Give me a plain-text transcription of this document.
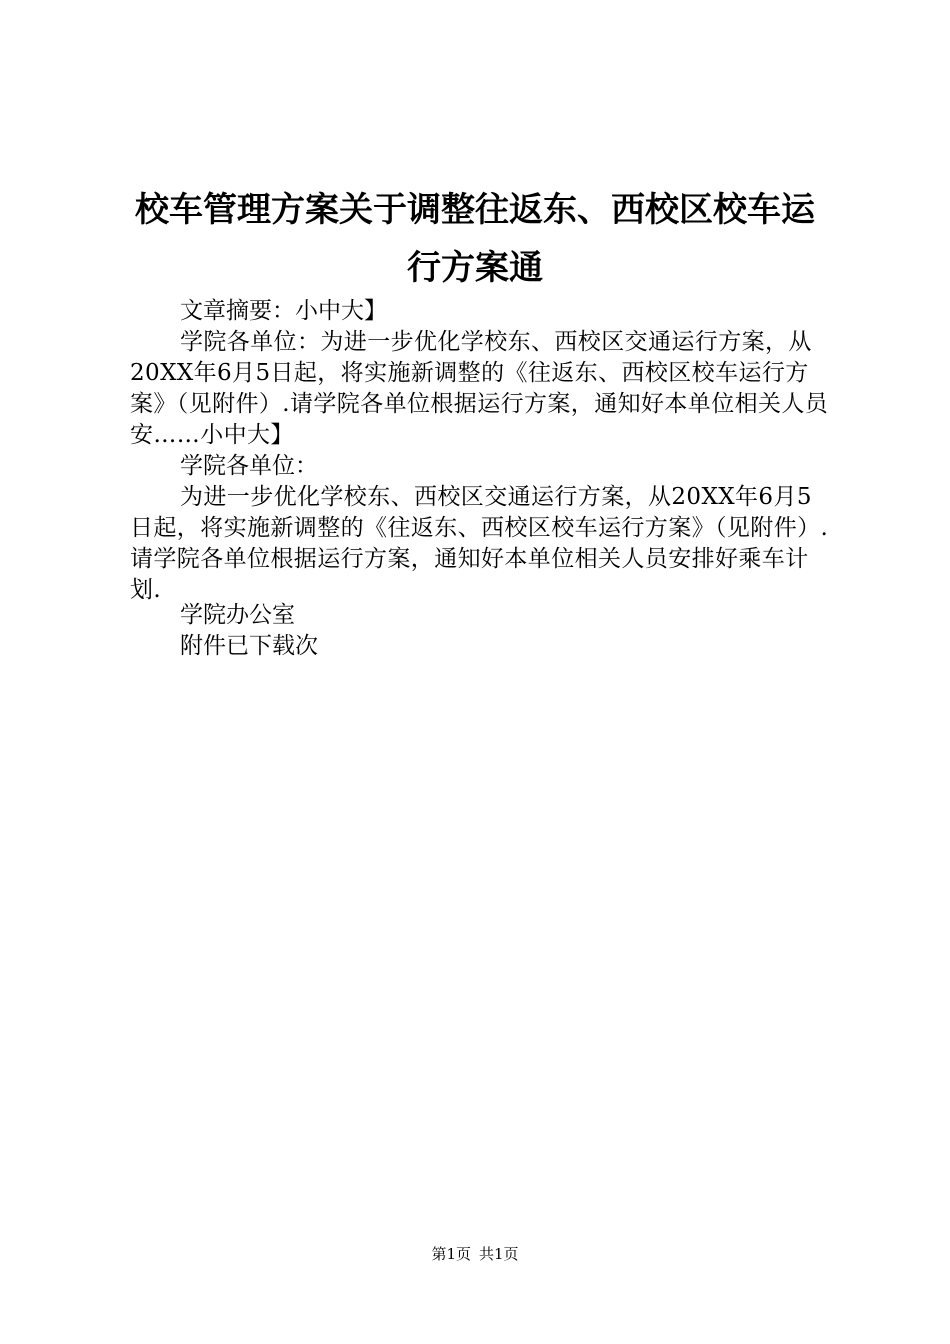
校车管理方案关于调整往返东、西校区校车运
行方案通

文章摘要：小中大】

学院各单位：为进一步优化学校东、西校区交通运行方案，从20XX年6月5日起，将实施新调整的《往返东、西校区校车运行方案》（见附件）.请学院各单位根据运行方案，通知好本单位相关人员安……小中大】

学院各单位：

为进一步优化学校东、西校区交通运行方案，从20XX年6月5日起，将实施新调整的《往返东、西校区校车运行方案》（见附件）.请学院各单位根据运行方案，通知好本单位相关人员安排好乘车计划.

学院办公室

附件已下载次

第1页 共1页
